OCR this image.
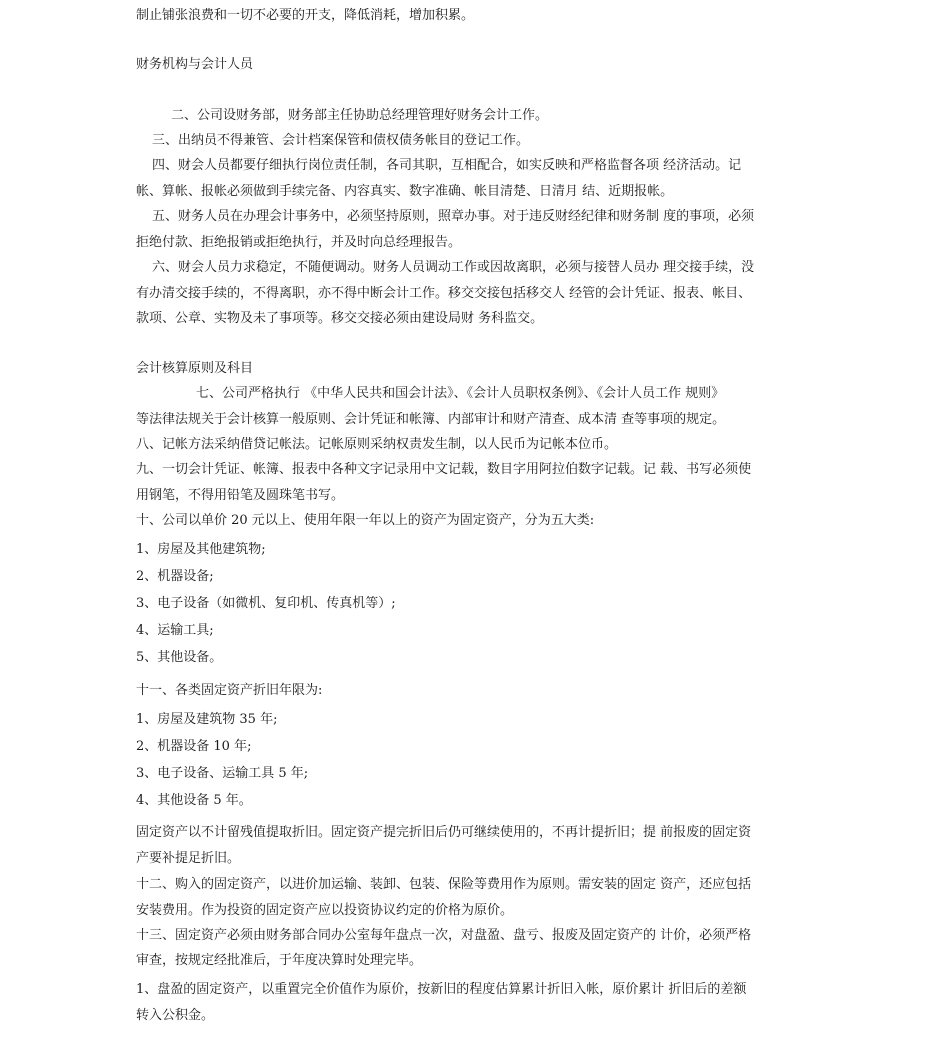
制止铺张浪费和一切不必要的开支，降低消耗，增加积累。
财务机构与会计人员
二、公司设财务部，财务部主任协助总经理管理好财务会计工作。
三、出纳员不得兼管、会计档案保管和债权债务帐目的登记工作。
四、财会人员都要仔细执行岗位责任制，各司其职，互相配合，如实反映和严格监督各项 经济活动。记
帐、算帐、报帐必须做到手续完备、内容真实、数字准确、帐目清楚、日清月 结、近期报帐。
五、财务人员在办理会计事务中，必须坚持原则，照章办事。对于违反财经纪律和财务制 度的事项，必须
拒绝付款、拒绝报销或拒绝执行，并及时向总经理报告。
六、财会人员力求稳定，不随便调动。财务人员调动工作或因故离职，必须与接替人员办 理交接手续，没
有办清交接手续的，不得离职，亦不得中断会计工作。移交交接包括移交人 经管的会计凭证、报表、帐目、
款项、公章、实物及未了事项等。移交交接必须由建设局财 务科监交。
会计核算原则及科目
七、公司严格执行 《中华人民共和国会计法》、《会计人员职权条例》、《会计人员工作 规则》
等法律法规关于会计核算一般原则、会计凭证和帐簿、内部审计和财产清查、成本清 查等事项的规定。
八、记帐方法采纳借贷记帐法。记帐原则采纳权责发生制，以人民币为记帐本位币。
九、一切会计凭证、帐簿、报表中各种文字记录用中文记载，数目字用阿拉伯数字记载。记 载、书写必须使
用钢笔，不得用铅笔及圆珠笔书写。
十、公司以单价 20 元以上、使用年限一年以上的资产为固定资产，分为五大类:
1、房屋及其他建筑物;
2、机器设备;
3、电子设备（如微机、复印机、传真机等）;
4、运输工具;
5、其他设备。
十一、各类固定资产折旧年限为:
1、房屋及建筑物 35 年;
2、机器设备 10 年;
3、电子设备、运输工具 5 年;
4、其他设备 5 年。
固定资产以不计留残值提取折旧。固定资产提完折旧后仍可继续使用的，不再计提折旧；提 前报废的固定资
产要补提足折旧。
十二、购入的固定资产，以进价加运输、装卸、包装、保险等费用作为原则。需安装的固定 资产，还应包括
安装费用。作为投资的固定资产应以投资协议约定的价格为原价。
十三、固定资产必须由财务部合同办公室每年盘点一次，对盘盈、盘亏、报废及固定资产的 计价，必须严格
审查，按规定经批准后，于年度决算时处理完毕。
1、盘盈的固定资产，以重置完全价值作为原价，按新旧的程度估算累计折旧入帐，原价累计 折旧后的差额
转入公积金。
